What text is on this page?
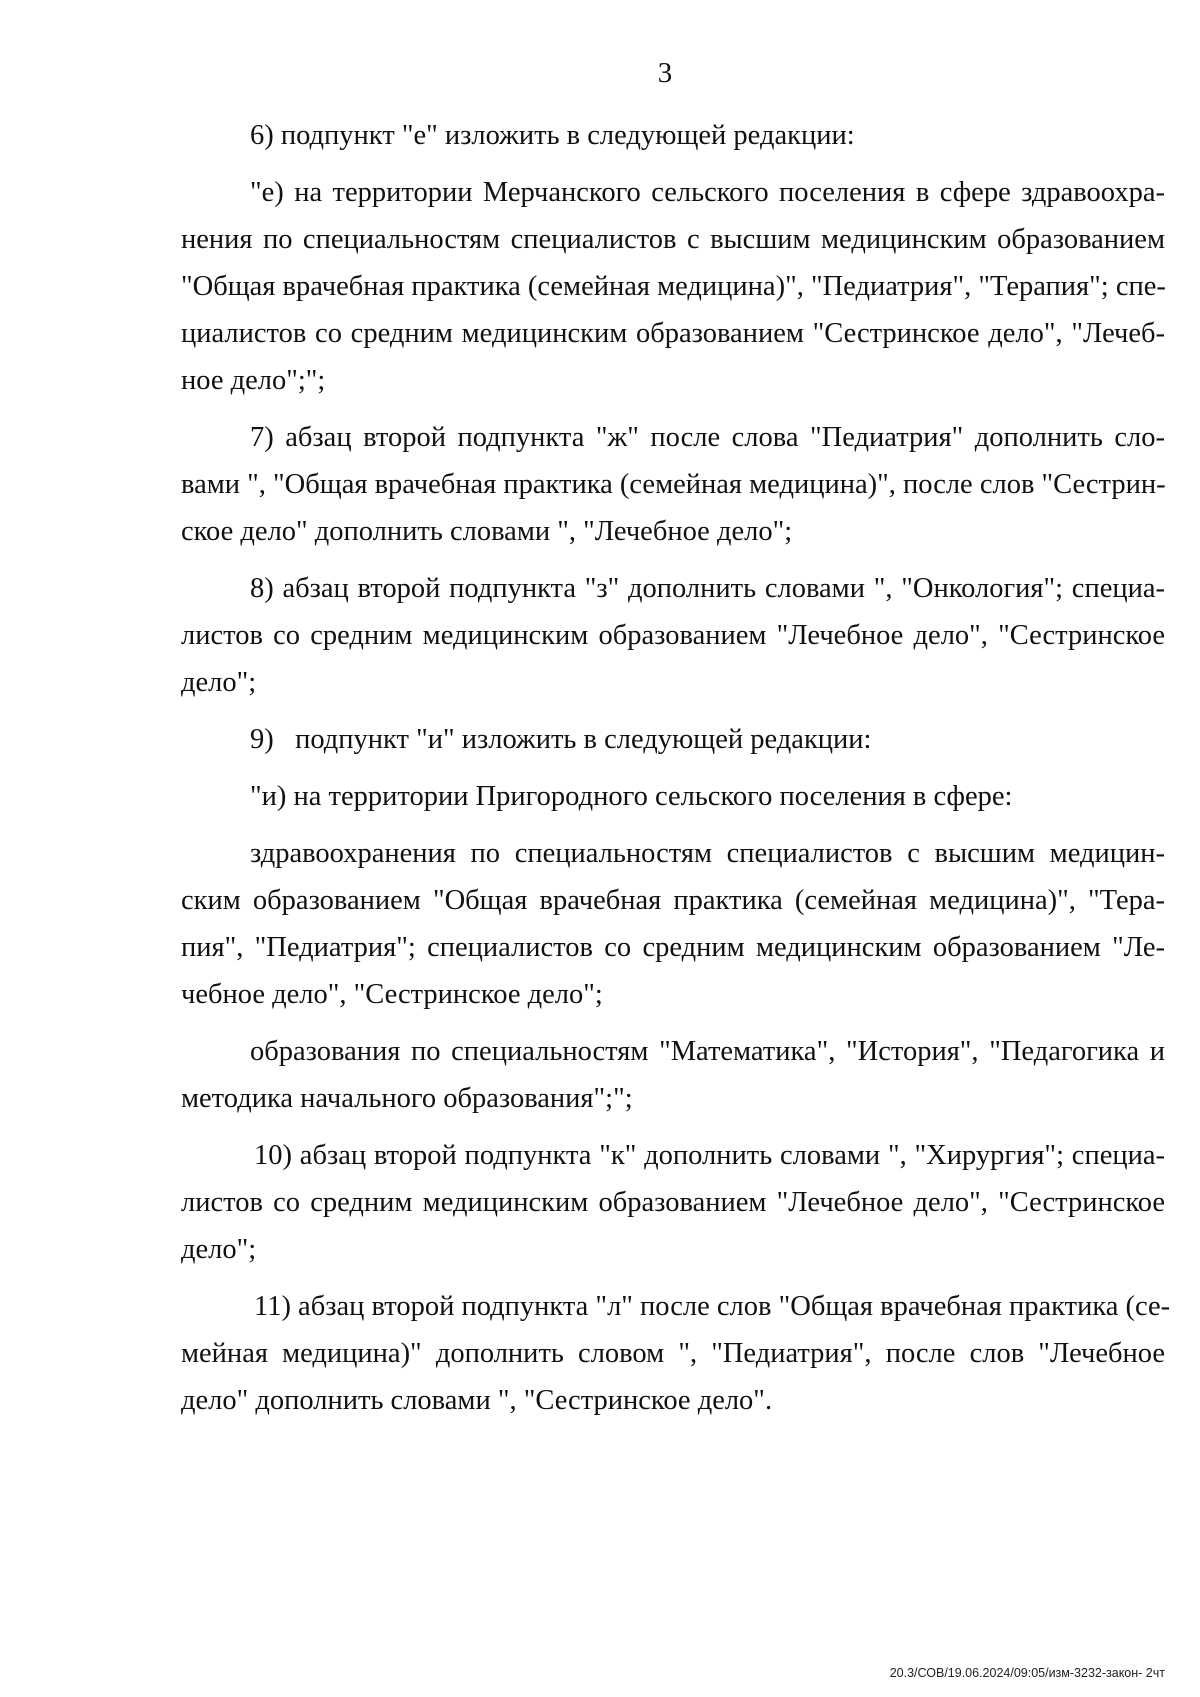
3
6) подпункт "е" изложить в следующей редакции:
"е) на территории Мерчанского сельского поселения в сфере здравоохра-
нения по специальностям специалистов с высшим медицинским образованием
"Общая врачебная практика (семейная медицина)", "Педиатрия", "Терапия"; спе-
циалистов со средним медицинским образованием "Сестринское дело", "Лечеб-
ное дело";";
7) абзац второй подпункта "ж" после слова "Педиатрия" дополнить сло-
вами ", "Общая врачебная практика (семейная медицина)", после слов "Сестрин-
ское дело" дополнить словами ", "Лечебное дело";
8) абзац второй подпункта "з" дополнить словами ", "Онкология"; специа-
листов со средним медицинским образованием "Лечебное дело", "Сестринское
дело";
9)   подпункт "и" изложить в следующей редакции:
"и) на территории Пригородного сельского поселения в сфере:
здравоохранения по специальностям специалистов с высшим медицин-
ским образованием "Общая врачебная практика (семейная медицина)", "Тера-
пия", "Педиатрия"; специалистов со средним медицинским образованием "Ле-
чебное дело", "Сестринское дело";
образования по специальностям "Математика", "История", "Педагогика и
методика начального образования";";
10) абзац второй подпункта "к" дополнить словами ", "Хирургия"; специа-
листов со средним медицинским образованием "Лечебное дело", "Сестринское
дело";
11) абзац второй подпункта "л" после слов "Общая врачебная практика (се-
мейная медицина)" дополнить словом ", "Педиатрия", после слов "Лечебное
дело" дополнить словами ", "Сестринское дело".
20.3/СОВ/19.06.2024/09:05/изм-3232-закон- 2чт
